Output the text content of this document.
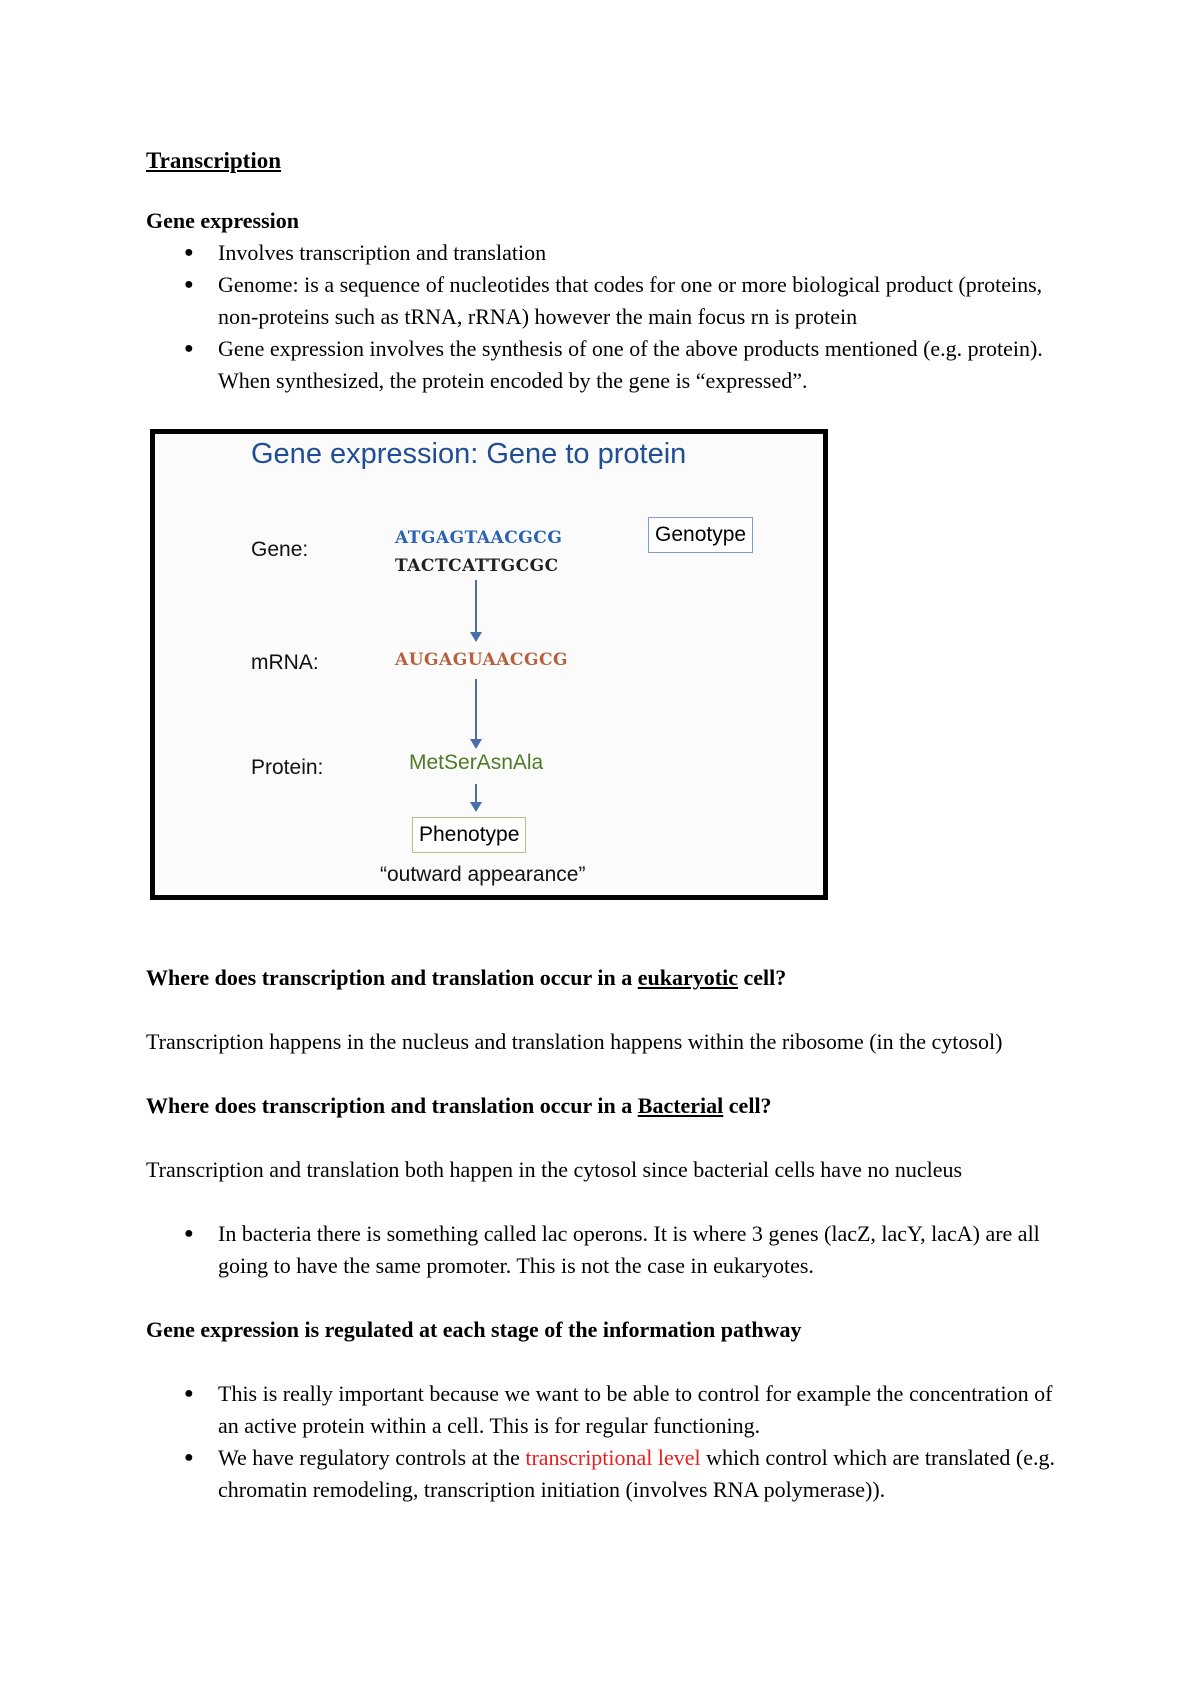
Transcription

Gene expression

● Involves transcription and translation
● Genome: is a sequence of nucleotides that codes for one or more biological product (proteins, non-proteins such as tRNA, rRNA) however the main focus rn is protein
● Gene expression involves the synthesis of one of the above products mentioned (e.g. protein). When synthesized, the protein encoded by the gene is “expressed”.

Where does transcription and translation occur in a eukaryotic cell?

Transcription happens in the nucleus and translation happens within the ribosome (in the cytosol)

Where does transcription and translation occur in a Bacterial cell?

Transcription and translation both happen in the cytosol since bacterial cells have no nucleus

● In bacteria there is something called lac operons. It is where 3 genes (lacZ, lacY, lacA) are all going to have the same promoter. This is not the case in eukaryotes.

Gene expression is regulated at each stage of the information pathway

● This is really important because we want to be able to control for example the concentration of an active protein within a cell. This is for regular functioning.
● We have regulatory controls at the transcriptional level which control which are translated (e.g. chromatin remodeling, transcription initiation (involves RNA polymerase)).
Gene expression: Gene to protein
Gene:	ATGAGTAACGCG
TACTCATTGCGC
Genotype
mRNA:	AUGAGUAACGCG
Protein:	MetSerAsnAla
Phenotype
“outward appearance”
